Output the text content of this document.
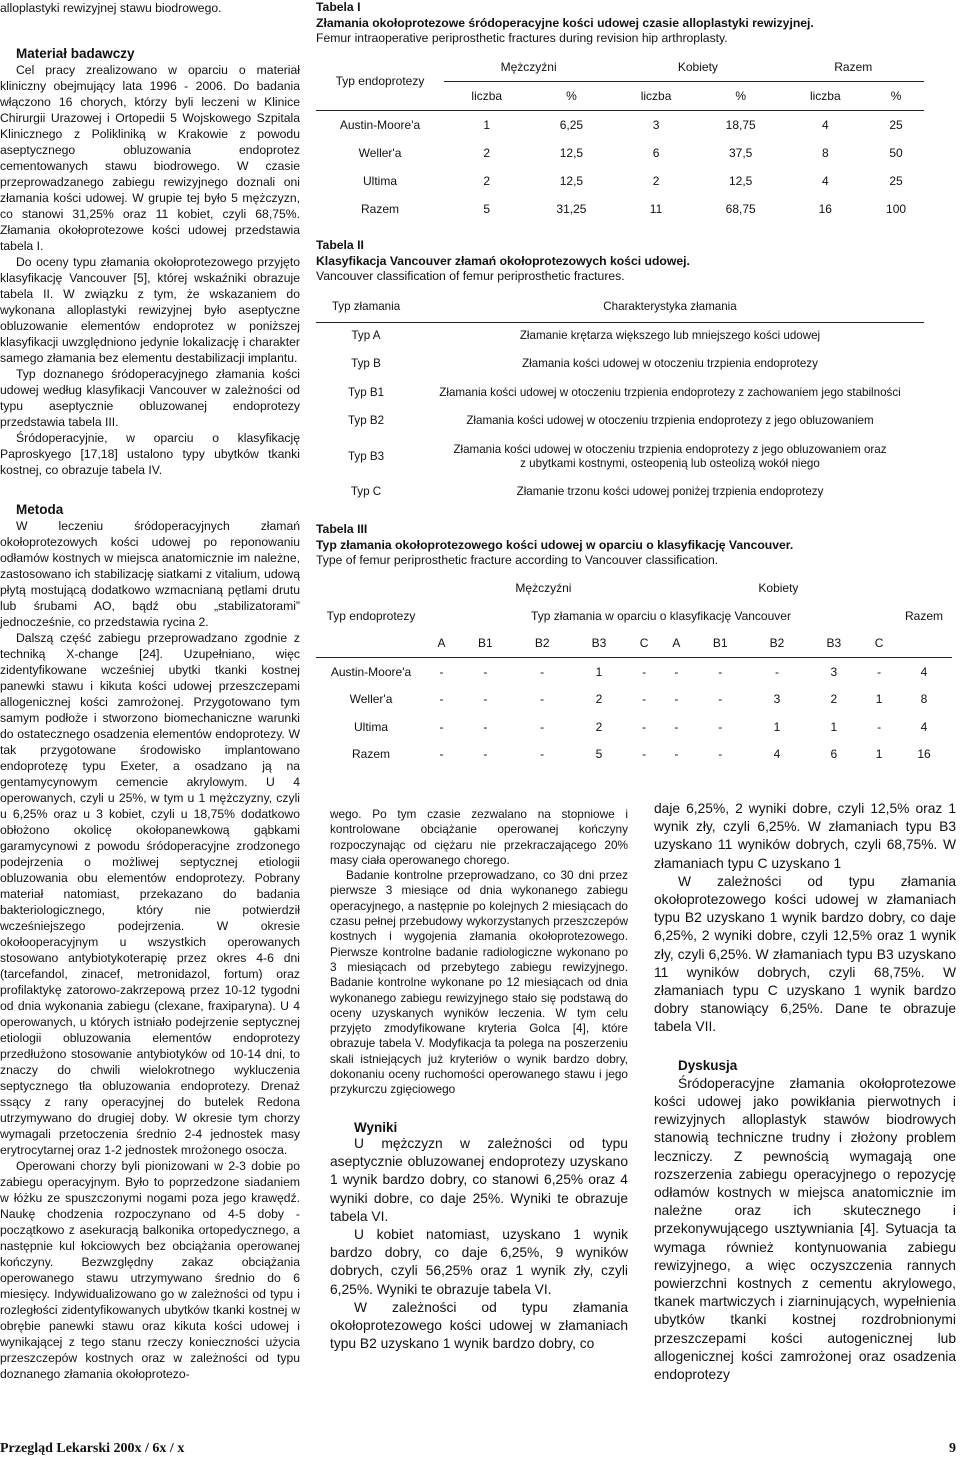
alloplastyki rewizyjnej stawu biodrowego.

Materiał badawczy

Cel pracy zrealizowano w oparciu o materiał kliniczny obejmujący lata 1996 - 2006. Do badania włączono 16 chorych, którzy byli leczeni w Klinice Chirurgii Urazowej i Ortopedii 5 Wojskowego Szpitala Klinicznego z Polikliniką w Krakowie z powodu aseptycznego obluzowania endoprotez cementowanych stawu biodrowego. W czasie przeprowadzanego zabiegu rewizyjnego doznali oni złamania kości udowej. W grupie tej było 5 mężczyzn, co stanowi 31,25% oraz 11 kobiet, czyli 68,75%. Złamania okołoprotezowe kości udowej przedstawia tabela I.

Do oceny typu złamania okołoprotezowego przyjęto klasyfikację Vancouver [5], której wskaźniki obrazuje tabela II. W związku z tym, że wskazaniem do wykonana alloplastyki rewizyjnej było aseptyczne obluzowanie elementów endoprotez w poniższej klasyfikacji uwzględniono jedynie lokalizację i charakter samego złamania bez elementu destabilizacji implantu.

Typ doznanego śródoperacyjnego złamania kości udowej według klasyfikacji Vancouver w zależności od typu aseptycznie obluzowanej endoprotezy przedstawia tabela III.

Śródoperacyjnie, w oparciu o klasyfikację Paproskyego [17,18] ustalono typy ubytków tkanki kostnej, co obrazuje tabela IV.

Metoda

W leczeniu śródoperacyjnych złamań okołoprotezowych kości udowej po reponowaniu odłamów kostnych w miejsca anatomicznie im należne, zastosowano ich stabilizację siatkami z vitalium, udową płytą mostującą dodatkowo wzmacnianą pętlami drutu lub śrubami AO, bądź obu „stabilizatorami” jednocześnie, co przedstawia rycina 2.

Dalszą część zabiegu przeprowadzano zgodnie z techniką X-change [24]. Uzupełniano, więc zidentyfikowane wcześniej ubytki tkanki kostnej panewki stawu i kikuta kości udowej przeszczepami allogenicznej kości zamrożonej. Przygotowano tym samym podłoże i stworzono biomechaniczne warunki do ostatecznego osadzenia elementów endoprotezy. W tak przygotowane środowisko implantowano endoprotezę typu Exeter, a osadzano ją na gentamycynowym cemencie akrylowym. U 4 operowanych, czyli u 25%, w tym u 1 mężczyzny, czyli u 6,25% oraz u 3 kobiet, czyli u 18,75% dodatkowo obłożono okolicę okołopanewkową gąbkami garamycynowi z powodu śródoperacyjne zrodzonego podejrzenia o możliwej septycznej etiologii obluzowania obu elementów endoprotezy. Pobrany materiał natomiast, przekazano do badania bakteriologicznego, który nie potwierdził wcześniejszego podejrzenia. W okresie okołooperacyjnym u wszystkich operowanych stosowano antybiotykoterapię przez okres 4-6 dni (tarcefandol, zinacef, metronidazol, fortum) oraz profilaktykę zatorowo-zakrzepową przez 10-12 tygodni od dnia wykonania zabiegu (clexane, fraxiparyna). U 4 operowanych, u których istniało podejrzenie septycznej etiologii obluzowania elementów endoprotezy przedłużono stosowanie antybiotyków od 10-14 dni, to znaczy do chwili wielokrotnego wykluczenia septycznego tła obluzowania endoprotezy. Drenaż ssący z rany operacyjnej do butelek Redona utrzymywano do drugiej doby. W okresie tym chorzy wymagali przetoczenia średnio 2-4 jednostek masy erytrocytarnej oraz 1-2 jednostek mrożonego osocza.

Operowani chorzy byli pionizowani w 2-3 dobie po zabiegu operacyjnym. Było to poprzedzone siadaniem w łóżku ze spuszczonymi nogami poza jego krawędź. Naukę chodzenia rozpoczynano od 4-5 doby - początkowo z asekuracją balkonika ortopedycznego, a następnie kul łokciowych bez obciążania operowanej kończyny. Bezwzględny zakaz obciążania operowanego stawu utrzymywano średnio do 6 miesięcy. Indywidualizowano go w zależności od typu i rozległości zidentyfikowanych ubytków tkanki kostnej w obrębie panewki stawu oraz kikuta kości udowej i wynikającej z tego stanu rzeczy konieczności użycia przeszczepów kostnych oraz w zależności od typu doznanego złamania okołoprotezo-

Tabela I
Złamania okołoprotezowe śródoperacyjne kości udowej czasie alloplastyki rewizyjnej.
Femur intraoperative periprosthetic fractures during revision hip arthroplasty.
Typ endoprotezy	Mężczyźni		Kobiety		Razem	
	liczba	%	liczba	%	liczba	%
Austin-Moore'a	1	6,25	3	18,75	4	25
Weller'a	2	12,5	6	37,5	8	50
Ultima	2	12,5	2	12,5	4	25
Razem	5	31,25	11	68,75	16	100
Tabela II
Klasyfikacja Vancouver złamań okołoprotezowych kości udowej.
Vancouver classification of femur periprosthetic fractures.
Typ złamania	Charakterystyka złamania
Typ A	Złamanie krętarza większego lub mniejszego kości udowej

Typ B	Złamania kości udowej w otoczeniu trzpienia endoprotezy

Typ B1	Złamania kości udowej w otoczeniu trzpienia endoprotezy z zachowaniem jego stabilności

Typ B2	Złamania kości udowej w otoczeniu trzpienia endoprotezy z jego obluzowaniem

Typ B3	Złamania kości udowej w otoczeniu trzpienia endoprotezy z jego obluzowaniem oraz
z ubytkami kostnymi, osteopenią lub osteolizą wokół niego

Typ C	Złamanie trzonu kości udowej poniżej trzpienia endoprotezy
Tabela III
Typ złamania okołoprotezowego kości udowej w oparciu o klasyfikację Vancouver.
Type of femur periprosthetic fracture according to Vancouver classification.
Typ endoprotezy	Mężczyźni					Kobiety					Razem
	Typ złamania w oparciu o klasyfikację Vancouver										
	A	B1	B2	B3	C	A	B1	B2	B3	C	
Austin-Moore'a	-	-	-	1	-	-	-	-	3	-	4
Weller'a	-	-	-	2	-	-	-	3	2	1	8
Ultima	-	-	-	2	-	-	-	1	1	-	4
Razem	-	-	-	5	-	-	-	4	6	1	16

wego. Po tym czasie zezwalano na stopniowe i kontrolowane obciążanie operowanej kończyny rozpoczynając od ciężaru nie przekraczającego 20% masy ciała operowanego chorego.

Badanie kontrolne przeprowadzano, co 30 dni przez pierwsze 3 miesiące od dnia wykonanego zabiegu operacyjnego, a następnie po kolejnych 2 miesiącach do czasu pełnej przebudowy wykorzystanych przeszczepów kostnych i wygojenia złamania okołoprotezowego. Pierwsze kontrolne badanie radiologiczne wykonano po 3 miesiącach od przebytego zabiegu rewizyjnego. Badanie kontrolne wykonane po 12 miesiącach od dnia wykonanego zabiegu rewizyjnego stało się podstawą do oceny uzyskanych wyników leczenia. W tym celu przyjęto zmodyfikowane kryteria Golca [4], które obrazuje tabela V. Modyfikacja ta polega na poszerzeniu skali istniejących już kryteriów o wynik bardzo dobry, dokonaniu oceny ruchomości operowanego stawu i jego przykurczu zgięciowego

Wyniki

U mężczyzn w zależności od typu aseptycznie obluzowanej endoprotezy uzyskano 1 wynik bardzo dobry, co stanowi 6,25% oraz 4 wyniki dobre, co daje 25%. Wyniki te obrazuje tabela VI.

U kobiet natomiast, uzyskano 1 wynik bardzo dobry, co daje 6,25%, 9 wyników dobrych, czyli 56,25% oraz 1 wynik zły, czyli 6,25%. Wyniki te obrazuje tabela VI.

W zależności od typu złamania okołoprotezowego kości udowej w złamaniach typu B2 uzyskano 1 wynik bardzo dobry, co

daje 6,25%, 2 wyniki dobre, czyli 12,5% oraz 1 wynik zły, czyli 6,25%. W złamaniach typu B3 uzyskano 11 wyników dobrych, czyli 68,75%. W złamaniach typu C uzyskano 1

W zależności od typu złamania okołoprotezowego kości udowej w złamaniach typu B2 uzyskano 1 wynik bardzo dobry, co daje 6,25%, 2 wyniki dobre, czyli 12,5% oraz 1 wynik zły, czyli 6,25%. W złamaniach typu B3 uzyskano 11 wyników dobrych, czyli 68,75%. W złamaniach typu C uzyskano 1 wynik bardzo dobry stanowiący 6,25%. Dane te obrazuje tabela VII.

Dyskusja

Śródoperacyjne złamania okołoprotezowe kości udowej jako powikłania pierwotnych i rewizyjnych alloplastyk stawów biodrowych stanowią techniczne trudny i złożony problem leczniczy. Z pewnością wymagają one rozszerzenia zabiegu operacyjnego o repozycję odłamów kostnych w miejsca anatomicznie im należne oraz ich skutecznego i przekonywującego usztywniania [4]. Sytuacja ta wymaga również kontynuowania zabiegu rewizyjnego, a więc oczyszczenia rannych powierzchni kostnych z cementu akrylowego, tkanek martwiczych i ziarninujących, wypełnienia ubytków tkanki kostnej rozdrobnionymi przeszczepami kości autogenicznej lub allogenicznej kości zamrożonej oraz osadzenia endoprotezy

Przegląd Lekarski 200x / 6x / x	9
